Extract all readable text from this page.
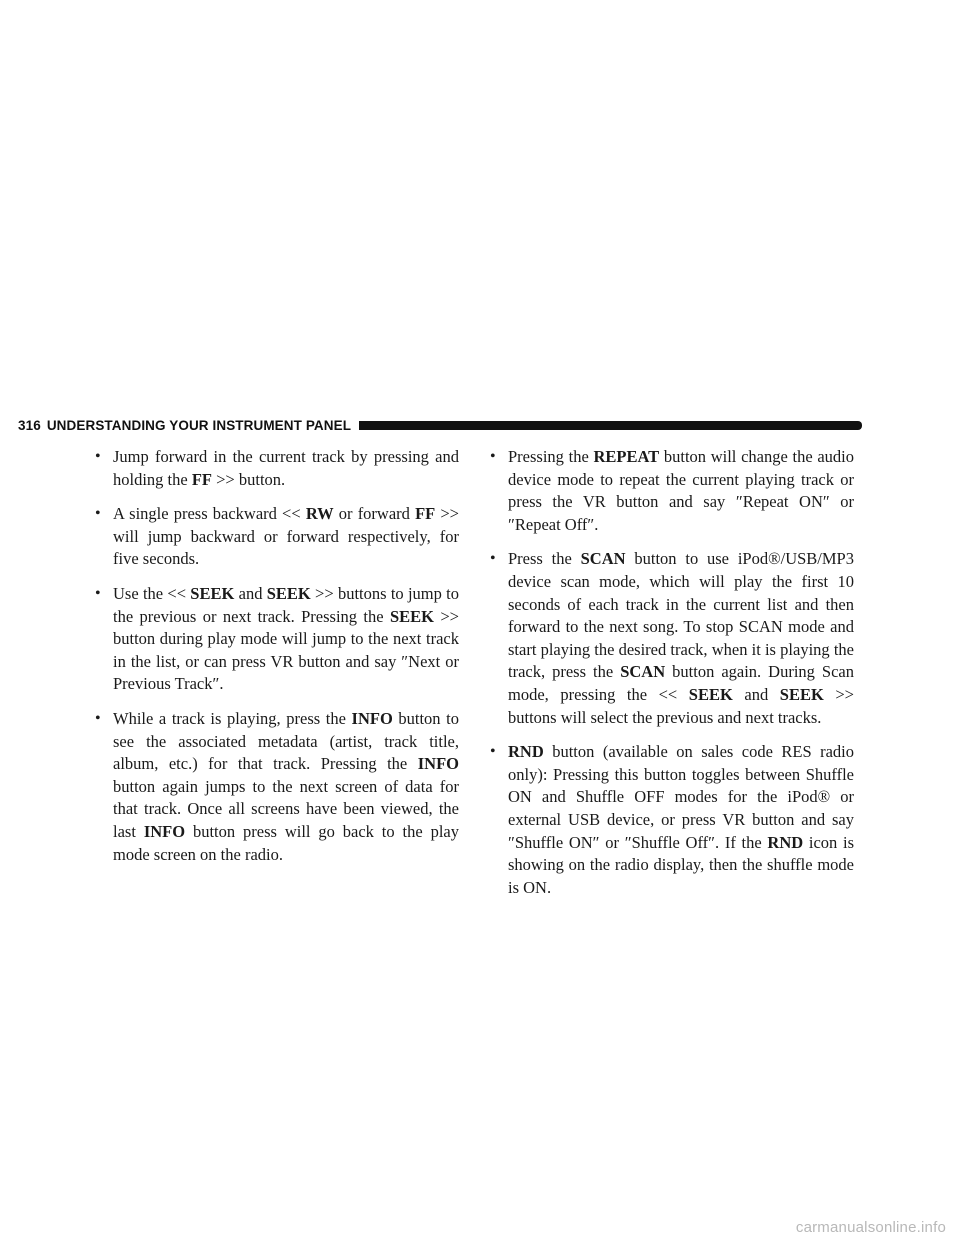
316 UNDERSTANDING YOUR INSTRUMENT PANEL

• Jump forward in the current track by pressing and holding the FF >> button.

• A single press backward << RW or forward FF >> will jump backward or forward respectively, for five seconds.

• Use the << SEEK and SEEK >> buttons to jump to the previous or next track. Pressing the SEEK >> button during play mode will jump to the next track in the list, or can press VR button and say ″Next or Previous Track″.

• While a track is playing, press the INFO button to see the associated metadata (artist, track title, album, etc.) for that track. Pressing the INFO button again jumps to the next screen of data for that track. Once all screens have been viewed, the last INFO button press will go back to the play mode screen on the radio.

• Pressing the REPEAT button will change the audio device mode to repeat the current playing track or press the VR button and say ″Repeat ON″ or ″Repeat Off″.

• Press the SCAN button to use iPod®/USB/MP3 device scan mode, which will play the first 10 seconds of each track in the current list and then forward to the next song. To stop SCAN mode and start playing the desired track, when it is playing the track, press the SCAN button again. During Scan mode, pressing the << SEEK and SEEK >> buttons will select the previous and next tracks.

• RND button (available on sales code RES radio only): Pressing this button toggles between Shuffle ON and Shuffle OFF modes for the iPod® or external USB device, or press VR button and say ″Shuffle ON″ or ″Shuffle Off″. If the RND icon is showing on the radio display, then the shuffle mode is ON.

carmanualsonline.info
